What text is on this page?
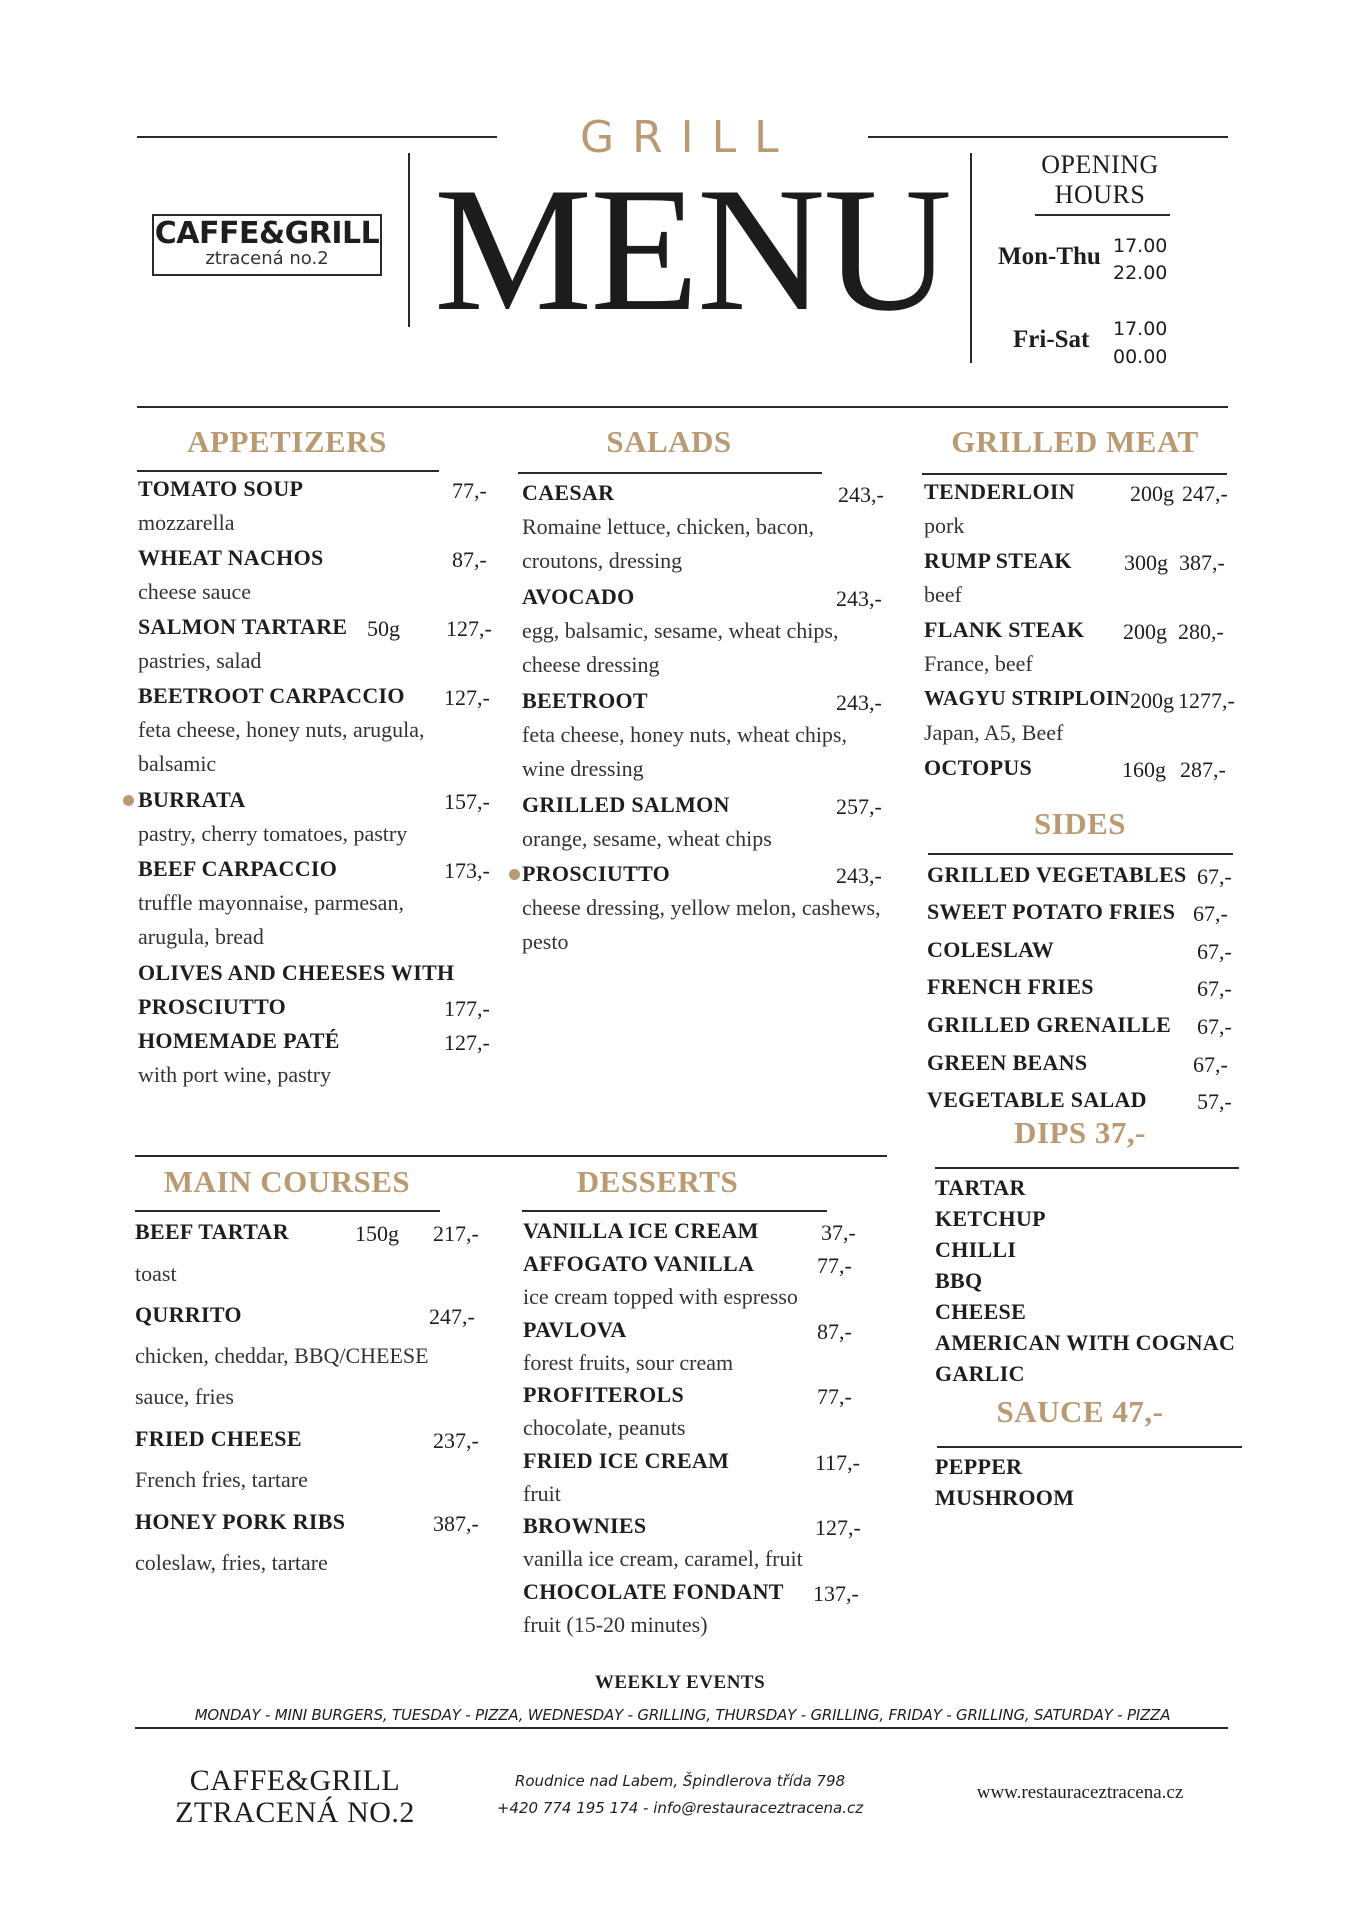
GRILL
MENU
CAFFE&GRILL
ztracená no.2
OPENING
HOURS
Mon-Thu 17.00
22.00
Fri-Sat 17.00
00.00
APPETIZERS
TOMATO SOUP	77,-
mozzarella
WHEAT NACHOS	87,-
cheese sauce
SALMON TARTARE 50g 127,-
pastries, salad
BEETROOT CARPACCIO 127,-
feta cheese, honey nuts, arugula,
balsamic
BURRATA	157,-
pastry, cherry tomatoes, pastry
BEEF CARPACCIO	173,-
truffle mayonnaise, parmesan,
arugula, bread
OLIVES AND CHEESES WITH
PROSCIUTTO	177,-
HOMEMADE PATÉ	127,-
with port wine, pastry
SALADS
CAESAR	243,-
Romaine lettuce, chicken, bacon,
croutons, dressing
AVOCADO	243,-
egg, balsamic, sesame, wheat chips,
cheese dressing
BEETROOT	243,-
feta cheese, honey nuts, wheat chips,
wine dressing
GRILLED SALMON	257,-
orange, sesame, wheat chips
PROSCIUTTO	243,-
cheese dressing, yellow melon, cashews,
pesto
GRILLED MEAT
TENDERLOIN	200g 247,-
pork
RUMP STEAK 300g 387,-
beef
FLANK STEAK 200g 280,-
France, beef
WAGYU STRIPLOIN 200g 1277,-
Japan, A5, Beef
OCTOPUS	160g 287,-
SIDES
GRILLED VEGETABLES 67,-
SWEET POTATO FRIES 67,-
COLESLAW	67,-
FRENCH FRIES	67,-
GRILLED GRENAILLE 67,-
GREEN BEANS	67,-
VEGETABLE SALAD 57,-
DIPS 37,-
TARTAR
KETCHUP
CHILLI
BBQ
CHEESE
AMERICAN WITH COGNAC
GARLIC
SAUCE 47,-
PEPPER
MUSHROOM
MAIN COURSES
BEEF TARTAR	150g 217,-
toast
QURRITO	247,-
chicken, cheddar, BBQ/CHEESE
sauce, fries
FRIED CHEESE	237,-
French fries, tartare
HONEY PORK RIBS	387,-
coleslaw, fries, tartare
DESSERTS
VANILLA ICE CREAM	37,-
AFFOGATO VANILLA	77,-
ice cream topped with espresso
PAVLOVA	87,-
forest fruits, sour cream
PROFITEROLS	77,-
chocolate, peanuts
FRIED ICE CREAM	117,-
fruit
BROWNIES	127,-
vanilla ice cream, caramel, fruit
CHOCOLATE FONDANT 137,-
fruit (15-20 minutes)
WEEKLY EVENTS
MONDAY - MINI BURGERS, TUESDAY - PIZZA, WEDNESDAY - GRILLING, THURSDAY - GRILLING, FRIDAY - GRILLING, SATURDAY - PIZZA
CAFFE&GRILL
ZTRACENÁ NO.2
Roudnice nad Labem, Špindlerova třída 798
+420 774 195 174 - info@restauraceztracena.cz
www.restauraceztracena.cz
